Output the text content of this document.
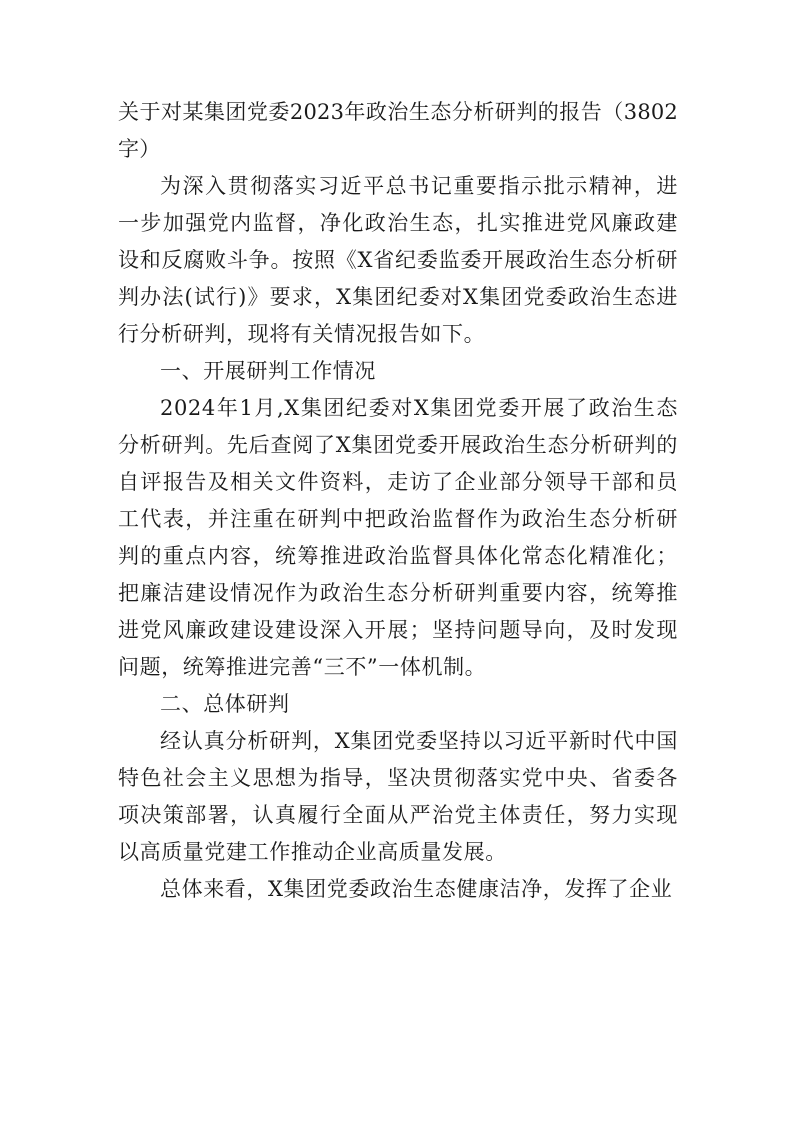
关于对某集团党委2023年政治生态分析研判的报告（3802字）

为深入贯彻落实习近平总书记重要指示批示精神，进一步加强党内监督，净化政治生态，扎实推进党风廉政建设和反腐败斗争。按照《X省纪委监委开展政治生态分析研判办法(试行)》要求，X集团纪委对X集团党委政治生态进行分析研判，现将有关情况报告如下。

一、开展研判工作情况

2024年1月,X集团纪委对X集团党委开展了政治生态分析研判。先后查阅了X集团党委开展政治生态分析研判的自评报告及相关文件资料，走访了企业部分领导干部和员工代表，并注重在研判中把政治监督作为政治生态分析研判的重点内容，统筹推进政治监督具体化常态化精准化；把廉洁建设情况作为政治生态分析研判重要内容，统筹推进党风廉政建设建设深入开展；坚持问题导向，及时发现问题，统筹推进完善“三不”一体机制。

二、总体研判

经认真分析研判，X集团党委坚持以习近平新时代中国特色社会主义思想为指导，坚决贯彻落实党中央、省委各项决策部署，认真履行全面从严治党主体责任，努力实现以高质量党建工作推动企业高质量发展。

总体来看，X集团党委政治生态健康洁净，发挥了企业
